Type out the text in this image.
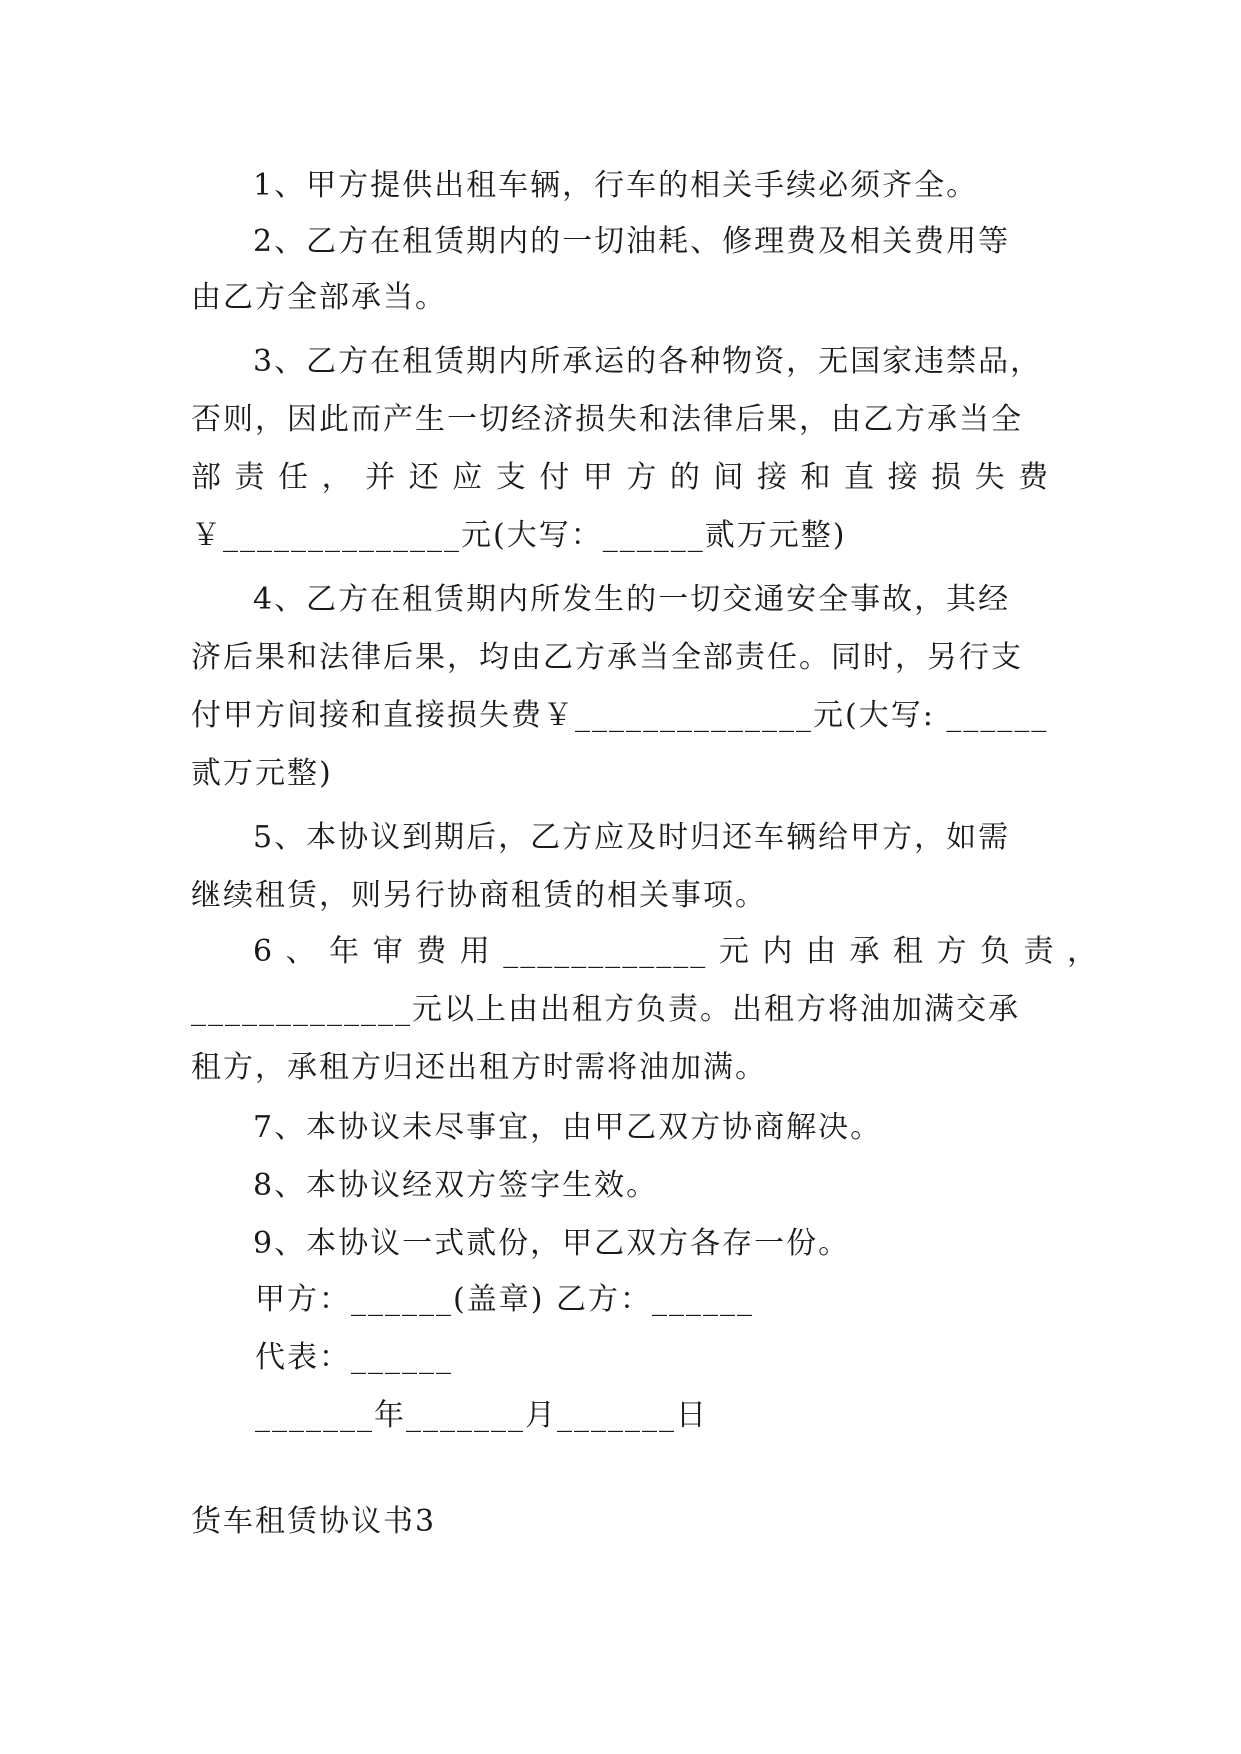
1、甲方提供出租车辆，行车的相关手续必须齐全。
2、乙方在租赁期内的一切油耗、修理费及相关费用等
由乙方全部承当。
3、乙方在租赁期内所承运的各种物资，无国家违禁品，
否则，因此而产生一切经济损失和法律后果，由乙方承当全
部 责 任 ， 并 还 应 支 付 甲 方 的 间 接 和 直 接 损 失 费
￥______________元(大写：______贰万元整)
4、乙方在租赁期内所发生的一切交通安全事故，其经
济后果和法律后果，均由乙方承当全部责任。同时，另行支
付甲方间接和直接损失费￥______________元(大写: ______
贰万元整)
5、本协议到期后，乙方应及时归还车辆给甲方，如需
继续租赁，则另行协商租赁的相关事项。
6 、 年 审 费 用 ____________ 元 内 由 承 租 方 负 责 ，
_____________元以上由出租方负责。出租方将油加满交承
租方，承租方归还出租方时需将油加满。
7、本协议未尽事宜，由甲乙双方协商解决。
8、本协议经双方签字生效。
9、本协议一式贰份，甲乙双方各存一份。
甲方：______(盖章) 乙方：______
代表：______
_______年_______月_______日
货车租赁协议书3
